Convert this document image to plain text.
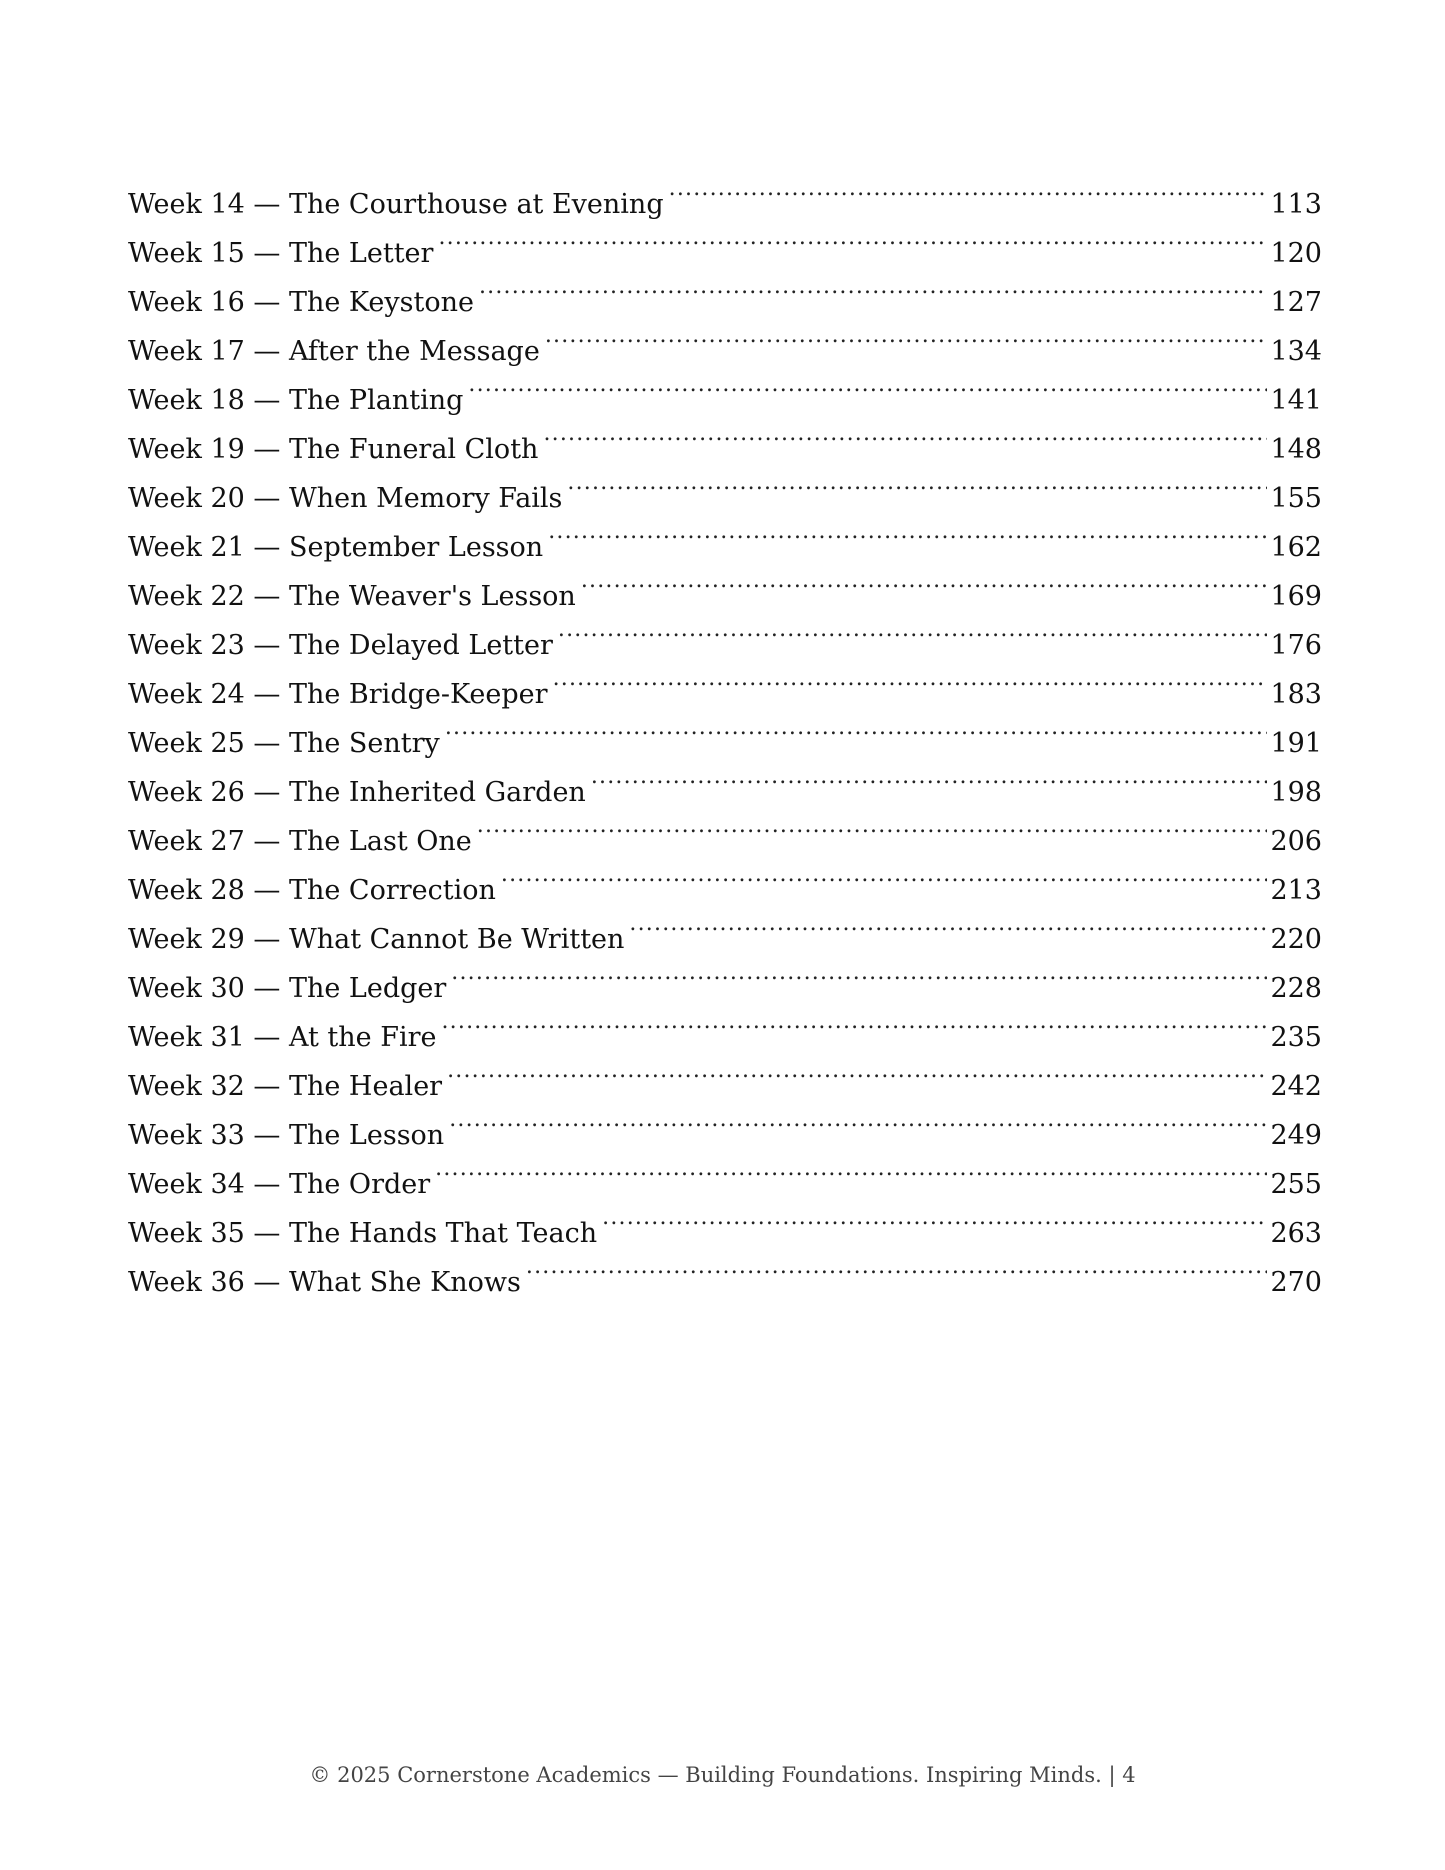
Week 14 — The Courthouse at Evening .....	113
Week 15 — The Letter .....	120
Week 16 — The Keystone .....	127
Week 17 — After the Message .....	134
Week 18 — The Planting .....	141
Week 19 — The Funeral Cloth .....	148
Week 20 — When Memory Fails .....	155
Week 21 — September Lesson .....	162
Week 22 — The Weaver's Lesson .....	169
Week 23 — The Delayed Letter .....	176
Week 24 — The Bridge-Keeper .....	183
Week 25 — The Sentry .....	191
Week 26 — The Inherited Garden .....	198
Week 27 — The Last One .....	206
Week 28 — The Correction .....	213
Week 29 — What Cannot Be Written .....	220
Week 30 — The Ledger .....	228
Week 31 — At the Fire .....	235
Week 32 — The Healer .....	242
Week 33 — The Lesson .....	249
Week 34 — The Order .....	255
Week 35 — The Hands That Teach .....	263
Week 36 — What She Knows .....	270
© 2025 Cornerstone Academics — Building Foundations. Inspiring Minds. | 4
